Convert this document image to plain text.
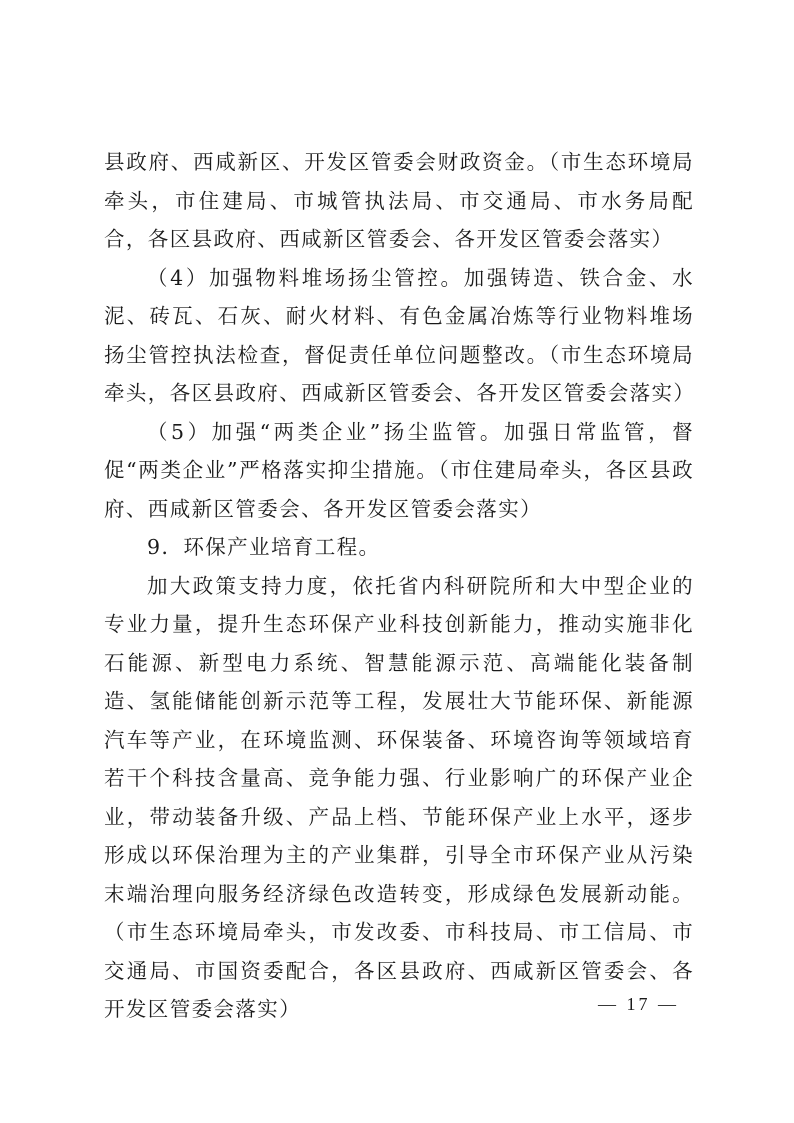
县政府、西咸新区、开发区管委会财政资金。（市生态环境局牵头，市住建局、市城管执法局、市交通局、市水务局配合，各区县政府、西咸新区管委会、各开发区管委会落实）

（4）加强物料堆场扬尘管控。加强铸造、铁合金、水泥、砖瓦、石灰、耐火材料、有色金属冶炼等行业物料堆场扬尘管控执法检查，督促责任单位问题整改。（市生态环境局牵头，各区县政府、西咸新区管委会、各开发区管委会落实）

（5）加强“两类企业”扬尘监管。加强日常监管，督促“两类企业”严格落实抑尘措施。（市住建局牵头，各区县政府、西咸新区管委会、各开发区管委会落实）

9．环保产业培育工程。

加大政策支持力度，依托省内科研院所和大中型企业的专业力量，提升生态环保产业科技创新能力，推动实施非化石能源、新型电力系统、智慧能源示范、高端能化装备制造、氢能储能创新示范等工程，发展壮大节能环保、新能源汽车等产业，在环境监测、环保装备、环境咨询等领域培育若干个科技含量高、竞争能力强、行业影响广的环保产业企业，带动装备升级、产品上档、节能环保产业上水平，逐步形成以环保治理为主的产业集群，引导全市环保产业从污染末端治理向服务经济绿色改造转变，形成绿色发展新动能。（市生态环境局牵头，市发改委、市科技局、市工信局、市交通局、市国资委配合，各区县政府、西咸新区管委会、各开发区管委会落实）	— 17 —
